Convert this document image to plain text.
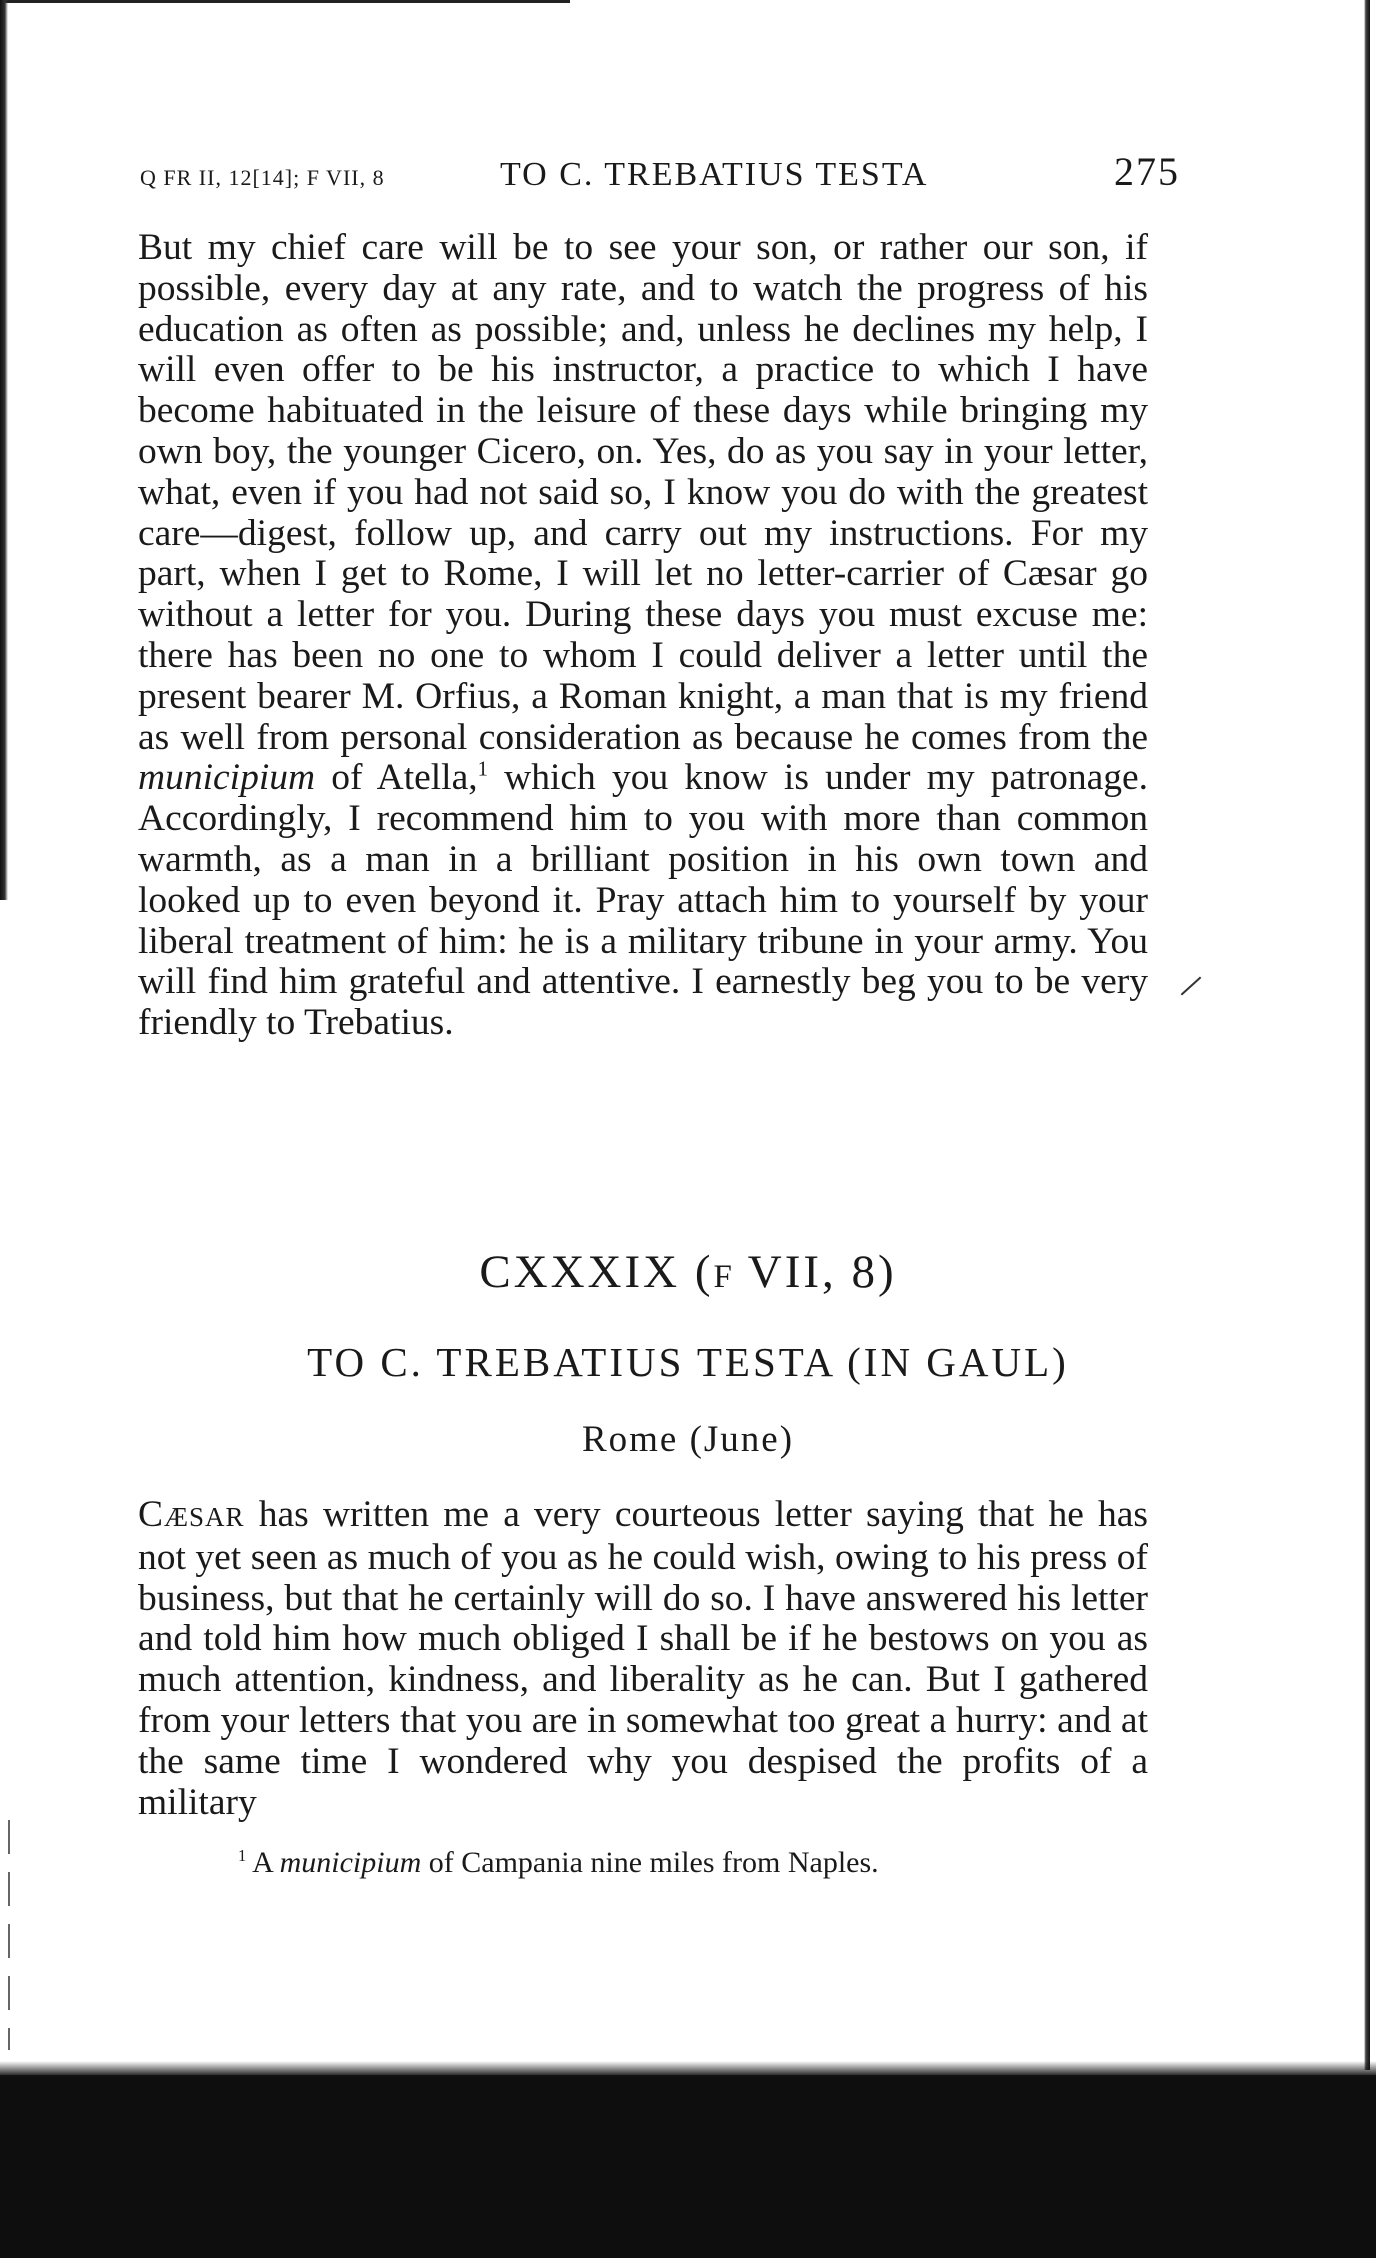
Q FR II, 12[14]; F VII, 8	TO C. TREBATIUS TESTA	275

But my chief care will be to see your son, or rather our son, if possible, every day at any rate, and to watch the progress of his education as often as possible; and, unless he declines my help, I will even offer to be his instructor, a practice to which I have become habituated in the leisure of these days while bringing my own boy, the younger Cicero, on. Yes, do as you say in your letter, what, even if you had not said so, I know you do with the greatest care—digest, follow up, and carry out my instructions. For my part, when I get to Rome, I will let no letter-carrier of Cæsar go without a letter for you. During these days you must excuse me: there has been no one to whom I could deliver a letter until the present bearer M. Orfius, a Roman knight, a man that is my friend as well from personal consideration as because he comes from the municipium of Atella,$^1$ which you know is under my patronage. Accordingly, I recommend him to you with more than common warmth, as a man in a brilliant position in his own town and looked up to even beyond it. Pray attach him to yourself by your liberal treatment of him: he is a military tribune in your army. You will find him grateful and attentive. I earnestly beg you to be very friendly to Trebatius.

CXXXIX (F VII, 8)
TO C. TREBATIUS TESTA (IN GAUL)
Rome (June)

CÆSAR has written me a very courteous letter saying that he has not yet seen as much of you as he could wish, owing to his press of business, but that he certainly will do so. I have answered his letter and told him how much obliged I shall be if he bestows on you as much attention, kindness, and liberality as he can. But I gathered from your letters that you are in somewhat too great a hurry: and at the same time I wondered why you despised the profits of a military

$^1$ A municipium of Campania nine miles from Naples.
